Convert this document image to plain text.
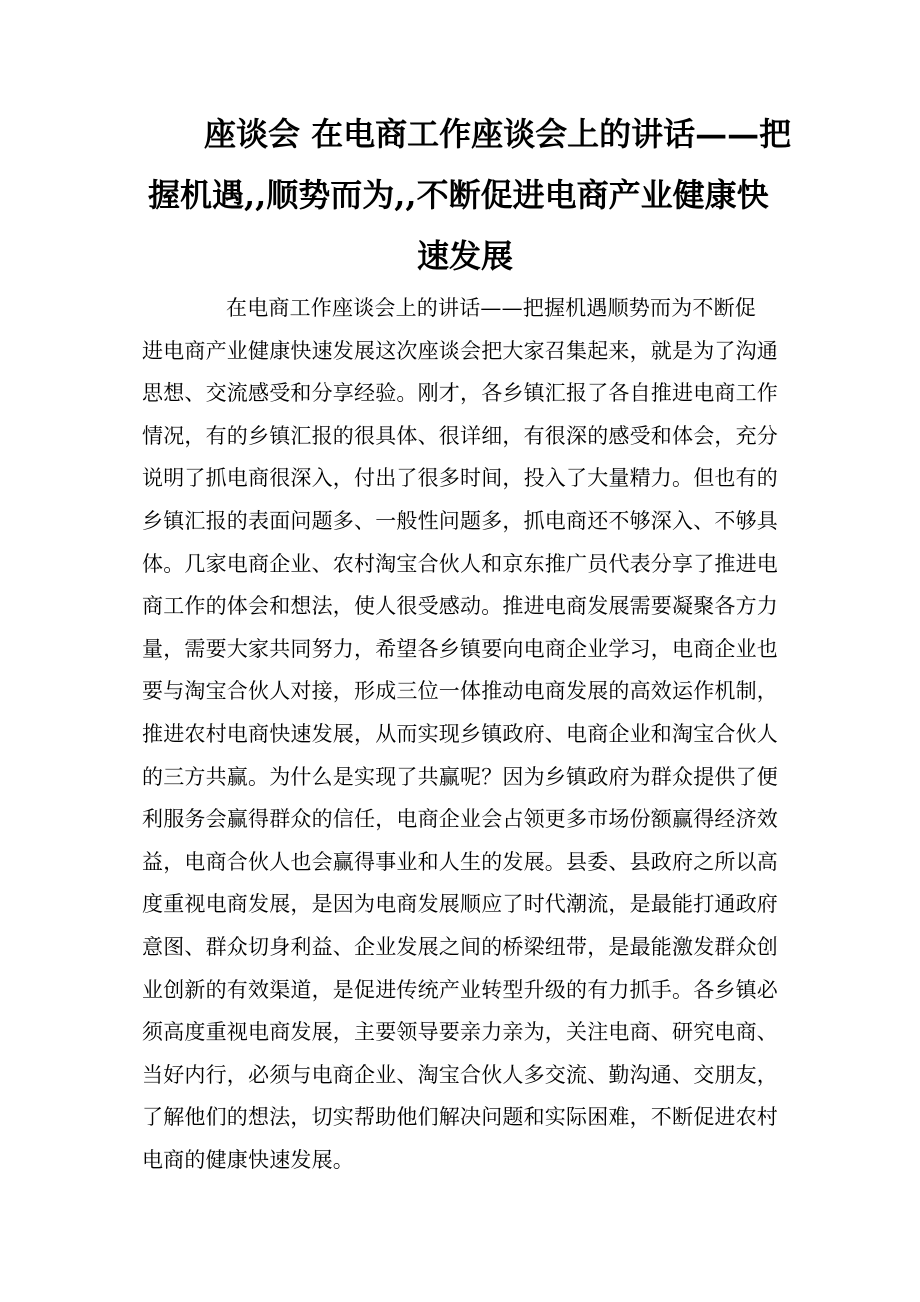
座谈会 在电商工作座谈会上的讲话——把
握机遇,,顺势而为,,不断促进电商产业健康快
速发展
在电商工作座谈会上的讲话——把握机遇顺势而为不断促
进电商产业健康快速发展这次座谈会把大家召集起来，就是为了沟通
思想、交流感受和分享经验。刚才，各乡镇汇报了各自推进电商工作
情况，有的乡镇汇报的很具体、很详细，有很深的感受和体会，充分
说明了抓电商很深入，付出了很多时间，投入了大量精力。但也有的
乡镇汇报的表面问题多、一般性问题多，抓电商还不够深入、不够具
体。几家电商企业、农村淘宝合伙人和京东推广员代表分享了推进电
商工作的体会和想法，使人很受感动。推进电商发展需要凝聚各方力
量，需要大家共同努力，希望各乡镇要向电商企业学习，电商企业也
要与淘宝合伙人对接，形成三位一体推动电商发展的高效运作机制，
推进农村电商快速发展，从而实现乡镇政府、电商企业和淘宝合伙人
的三方共赢。为什么是实现了共赢呢？因为乡镇政府为群众提供了便
利服务会赢得群众的信任，电商企业会占领更多市场份额赢得经济效
益，电商合伙人也会赢得事业和人生的发展。县委、县政府之所以高
度重视电商发展，是因为电商发展顺应了时代潮流，是最能打通政府
意图、群众切身利益、企业发展之间的桥梁纽带，是最能激发群众创
业创新的有效渠道，是促进传统产业转型升级的有力抓手。各乡镇必
须高度重视电商发展，主要领导要亲力亲为，关注电商、研究电商、
当好内行，必须与电商企业、淘宝合伙人多交流、勤沟通、交朋友，
了解他们的想法，切实帮助他们解决问题和实际困难，不断促进农村
电商的健康快速发展。
